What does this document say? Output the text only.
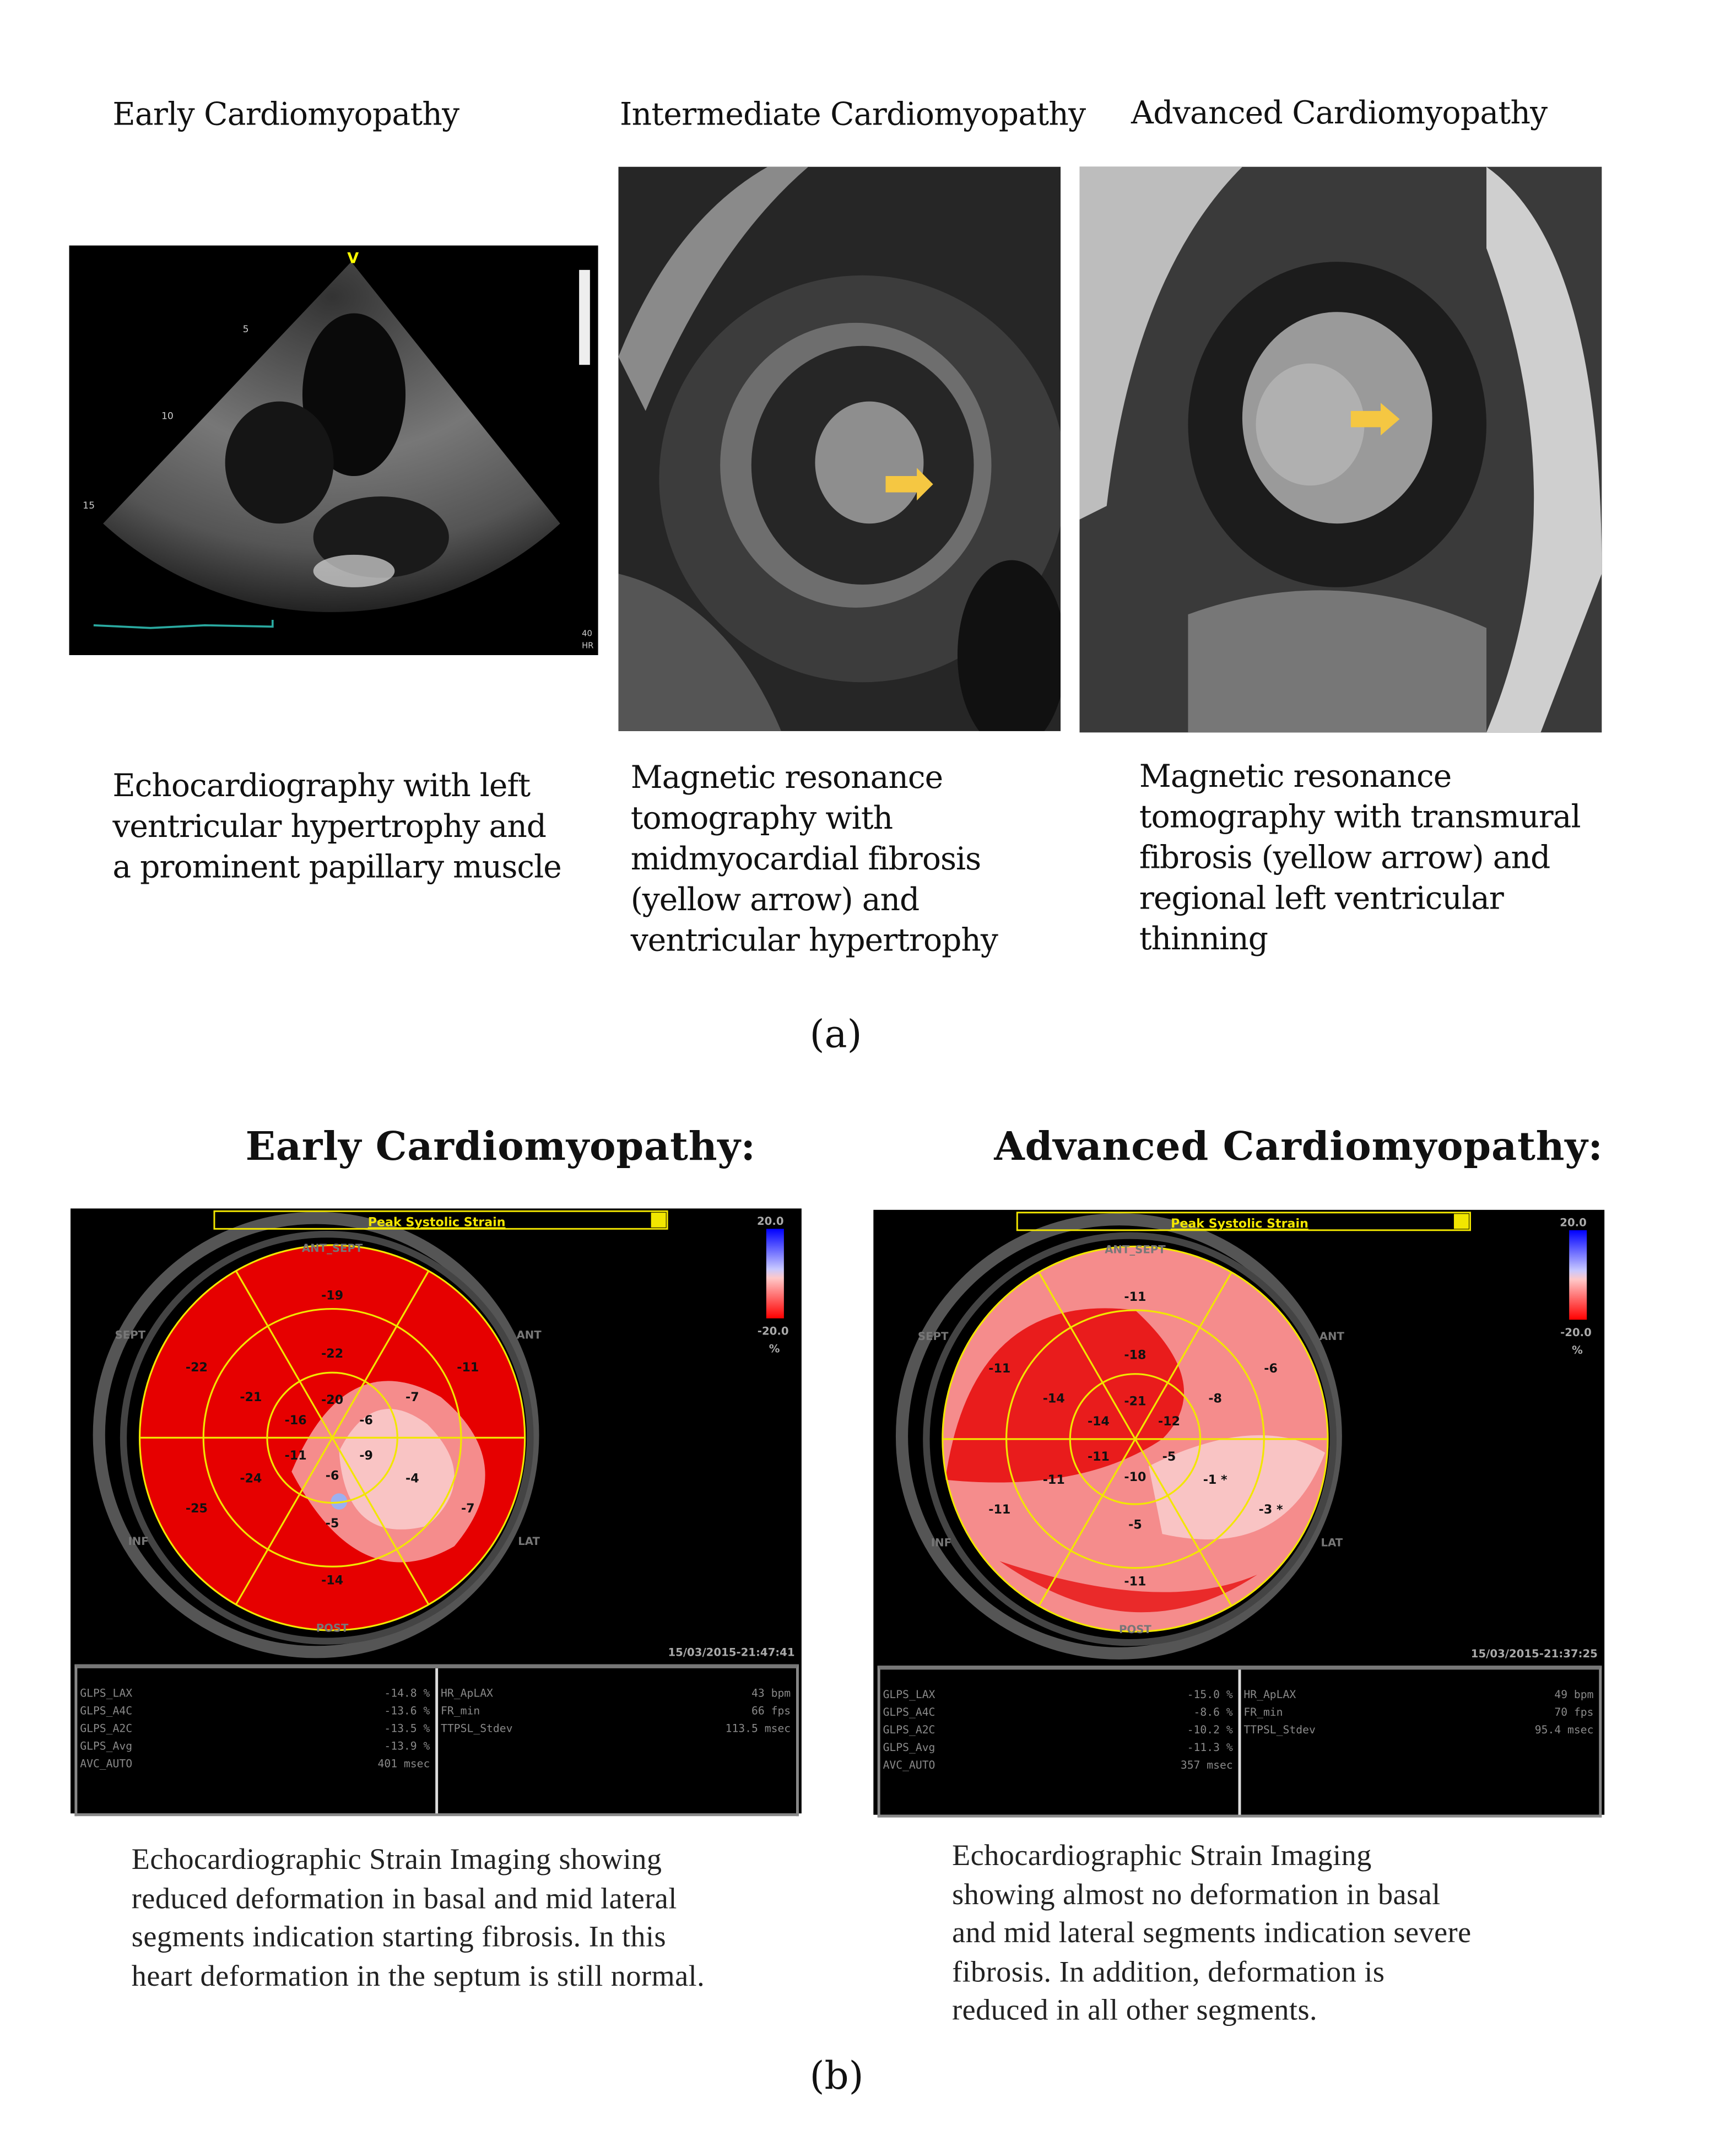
Early Cardiomyopathy	Intermediate Cardiomyopathy	Advanced Cardiomyopathy
V
5
10
15
40
HR
Echocardiography with left
ventricular hypertrophy and
a prominent papillary muscle
Magnetic resonance
tomography with
midmyocardial fibrosis
(yellow arrow) and
ventricular hypertrophy
Magnetic resonance
tomography with transmural
fibrosis (yellow arrow) and
regional left ventricular
thinning
(a)
Early Cardiomyopathy:	Advanced Cardiomyopathy:
-19
-22
-11
-7
-20
-6
-16
-21
-22
-11	-9
-4
-6
-24
-7
-25
-5
-14
Peak Systolic Strain	20.0
-20.0
%
ANT_SEPT
ANT
LAT
POST
INF
SEPT
15/03/2015-21:47:41
GLPS_LAX	-14.8 %
GLPS_A4C	-13.6 %
GLPS_A2C	-13.5 %
GLPS_Avg	-13.9 %
AVC_AUTO	401 msec
HR_ApLAX	43 bpm
FR_min	66 fps
TTPSL_Stdev	113.5 msec
-11
-18
-6
-8
-21
-12
-14
-14
-11
-11	-5
-1 *
-10
-11
-3 *
-11
-5
-11
Peak Systolic Strain	20.0
-20.0
%
ANT_SEPT
ANT
LAT
POST
INF
SEPT
15/03/2015-21:37:25
GLPS_LAX	-15.0 %
GLPS_A4C	-8.6 %
GLPS_A2C	-10.2 %
GLPS_Avg	-11.3 %
AVC_AUTO	357 msec
HR_ApLAX	49 bpm
FR_min	70 fps
TTPSL_Stdev	95.4 msec
Echocardiographic Strain Imaging showing
reduced deformation in basal and mid lateral
segments indication starting fibrosis. In this
heart deformation in the septum is still normal.
Echocardiographic Strain Imaging
showing almost no deformation in basal
and mid lateral segments indication severe
fibrosis. In addition, deformation is
reduced in all other segments.
(b)
